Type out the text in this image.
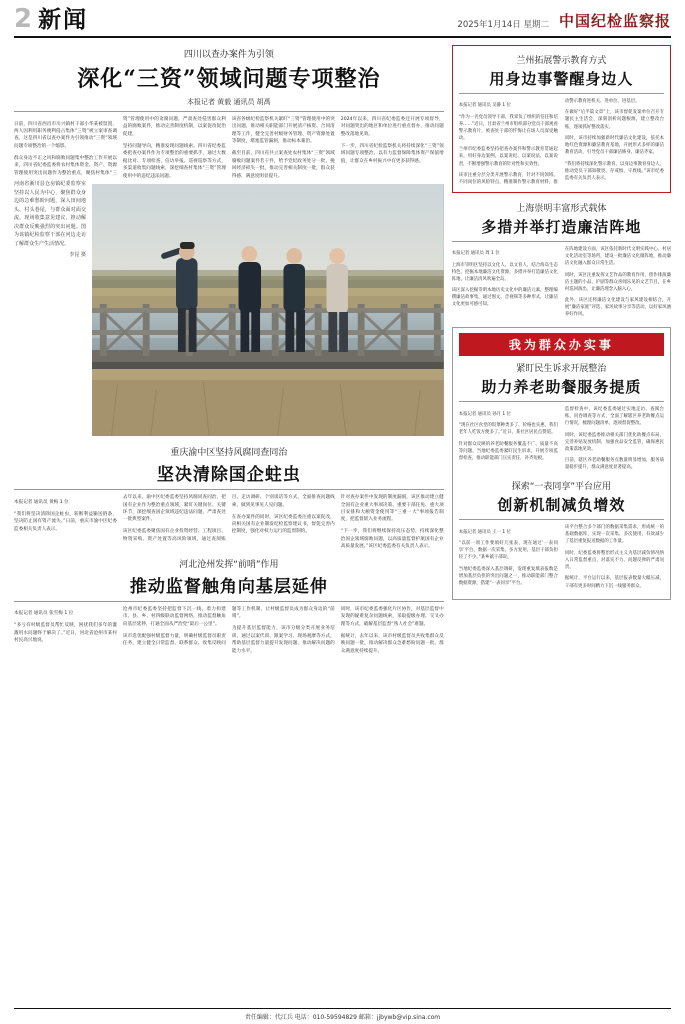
2 新闻	2025年1月14日 星期二 中国纪检监察报
四川以查办案件为引领
深化“三资”领域问题专项整治
本报记者 黄毅 通讯员 胡禹

日前，四川省西昌市川兴镇村干部小华某被留置，两人因利用职务便利侵占集体“三资”被立案审查调查。这是四川省以查办案件为引领推动“三资”领域问题专项整治的一个缩影。

群众身边不正之风和腐败问题集中整治工作开展以来，四川省纪委监委将农村集体资金、资产、资源管理使用突出问题作为整治重点，聚焦村集体“三资”管理使用中的贪腐问题，严肃查处侵害群众利益的腐败案件，推动完善制度机制，以案促改促治促建。

坚持问题导向，精准发现问题线索。四川省纪委监委把查办案件作为专项整治的重要抓手，通过大数据比对、专项检查、信访举报、巡视巡察等方式，多渠道收集问题线索，深挖细查村集体“三资”管理使用中的违纪违法问题。

该省各级纪检监察机关紧盯“三资”管理使用中的突出问题，推动相关职能部门开展清产核资、合同清理等工作，健全完善村级财务管理、资产资源处置等制度，堵塞监管漏洞，推动标本兼治。

截至目前，四川省共立案查处农村集体“三资”领域腐败问题案件若干件，给予党纪政务处分一批，挽回经济损失一批，推动完善相关制度一批，群众获得感、满意度明显提升。

2024年以来，四川省纪委监委还开展专项督导，对问题突出的地区和单位进行重点督办，推动问题整改落地见效。

下一步，四川省纪检监察机关将持续深化“三资”领域问题专项整治，以有力监督保障集体资产保值增值，让群众在乡村振兴中有更多获得感。

河南省淅川县仓房镇纪委监察室坚持以人民为中心，聚焦群众身边的急难愁盼问题，深入田间地头、村头巷尾，与群众面对面交流，现场收集意见建议，推动解决群众反映强烈的突出问题。图为该镇纪检监察干部在河边走访了解群众生产生活情况。
李昆 摄
重庆渝中区坚持风腐同查同治
坚决清除国企蛀虫

本报记者 通讯员 黄梅 1 位

“我们将坚决清除国企蛀虫，斩断利益输送链条，坚决防止国有资产流失。”日前，重庆市渝中区纪委监委相关负责人表示。

去年以来，渝中区纪委监委坚持风腐同查同治，把国有企业作为整治重点领域，紧盯关键岗位、关键环节，深挖细查国企领域违纪违法问题，严肃查处一批典型案件。

该区纪委监委聚焦国有企业投资经营、工程项目、物资采购、资产处置等高风险领域，通过查阅账目、走访调研、个别谈话等方式，全面排查问题线索，做到见事见人见问题。

在查办案件的同时，该区纪委监委注重以案促改，向相关国有企业制发纪检监察建议书，督促完善内控制度，强化对权力运行的监督制约。

针对查办案件中发现的制度漏洞，该区推动建立健全国有企业重大事项决策、重要干部任免、重大项目安排和大额资金使用等“三重一大”事项报告制度，把监督嵌入业务流程。

“下一步，我们将继续保持高压态势，持续深化整治国企领域腐败问题，以高质量监督护航国有企业高质量发展。”该区纪委监委有关负责人表示。

河北沧州发挥“前哨”作用
推动监督触角向基层延伸

本报记者 通讯员 张雪梅 1 位

“多亏有村级监督员帮忙反映，困扰我们多年的灌溉用水问题终于解决了。”近日，河北省沧州市某村村民高兴地说。

沧州市纪委监委坚持把监督下沉一线，着力构建市、县、乡、村四级联动监督网络，推动监督触角向基层延伸，打通全面从严治党“最后一公里”。

该市选优配强村级监督力量，明确村级监督员职责任务，建立健全日常监督、联系群众、收集反映问题等工作机制，让村级监督员成为群众身边的“前哨”。

为提升基层监督能力，该市分级分类开展业务培训，通过以案代训、跟案学习、现场观摩等方式，帮助基层监督力量提升发现问题、推动解决问题的能力水平。

同时，该市纪委监委强化片区协作，对基层监督中发现的疑难复杂问题线索，采取提级办理、交叉办理等方式，破解基层监督“熟人社会”难题。

据统计，去年以来，该市村级监督员共收集群众反映问题一批，推动解决群众急难愁盼问题一批，群众满意度持续提升。

兰州拓展警示教育方式
用身边事警醒身边人

本报记者 通讯员 吴静 1 位

“作为一名党员领导干部，我辜负了组织的信任和培养……”近日，甘肃省兰州市组织部分党员干部观看警示教育片，被查处干部的忏悔让在场人员深受触动。

兰州市纪委监委坚持把查办案件和警示教育贯通起来，用好身边案例，以案说纪、以案说法、以案说责，不断增强警示教育的针对性和实效性。

该市注重分层分类开展警示教育，针对不同领域、不同岗位的风险特点，精准制作警示教育材料，推动警示教育进机关、进单位、进基层。

在做好“后半篇文章”上，该市督促发案单位召开专题民主生活会，深刻剖析问题根源，建立整改台账，逐项抓好整改落实。

同时，该市持续加强新时代廉洁文化建设，依托本地红色资源和廉洁教育基地，开展形式多样的廉洁教育活动，引导党员干部廉洁修身、廉洁齐家。

“我们将持续深化警示教育，以身边事教育身边人，推动党员干部知敬畏、存戒惧、守底线。”该市纪委监委有关负责人表示。

上海崇明丰富形式载体
多措并举打造廉洁阵地

本报记者 通讯员 周 1 位

上海市崇明区坚持以文化人、以文育人，结合海岛生态特色，挖掘本地廉洁文化资源，多措并举打造廉洁文化阵地，让廉洁清风吹遍全岛。

该区深入挖掘崇明本地历史文化中的廉洁元素，整理编撰廉洁故事集，通过图文、音视频等多种形式，让廉洁文化更加可感可知。

在阵地建设方面，该区依托新时代文明实践中心、村居文化活动室等场所，建设一批廉洁文化微阵地，推动廉洁文化融入群众日常生活。

同时，该区注重发挥文艺作品的教育作用，创作排演廉洁主题的小品、沪剧等群众喜闻乐见的文艺节目，在乡村巡回演出，让廉洁理念入脑入心。

此外，该区还将廉洁文化建设与家风建设相结合，开展“廉洁家庭”评选、家风故事分享等活动，以好家风涵养好作风。

我为群众办实事
紧盯民生诉求开展整治
助力养老助餐服务提质

本报记者 通讯员 孙月 1 位

“现在社区食堂的饭菜种类多了，价格也实惠，我们老年人吃饭方便多了。”近日，某社区居民点赞道。

针对群众反映的养老助餐服务覆盖不广、质量不高等问题，当地纪委监委紧盯民生诉求，开展专项监督检查，推动职能部门压实责任，补齐短板。

监督检查中，该纪委监委通过实地走访、查阅台账、问卷调查等方式，全面了解辖区养老助餐点运行情况，梳理问题清单，逐项督促整改。

同时，该纪委监委推动相关部门优化助餐点布局，完善补贴发放机制，加强食品安全监管，确保惠民政策落地见效。

目前，辖区养老助餐服务点数量明显增加，服务质量稳步提升，群众满意度显著提高。

探索“一表同享”平台应用
创新机制减负增效

本报记者 通讯员 王一 1 位

“以前一项工作要填好几张表，现在通过‘一表同享’平台，数据一次采集、多方复用，基层干部负担轻了不少。”某乡镇干部说。

当地纪委监委深入基层调研，发现重复填表报数是增加基层负担的突出问题之一，推动职能部门整合数据资源，搭建“一表同享”平台。

该平台整合多个部门的数据采集需求，形成统一的基础数据库，实现一次采集、多次使用，有效减少了基层重复报送数据的工作量。

同时，纪委监委将整治形式主义为基层减负情况纳入日常监督重点，对落实不力、问题反弹的严肃问责。

据统计，平台运行以来，基层报表数量大幅压减，干部有更多时间精力下沉一线服务群众。

责任编辑：代江兵 电话：010-59594829 邮箱：jjbywb@vip.sina.com
